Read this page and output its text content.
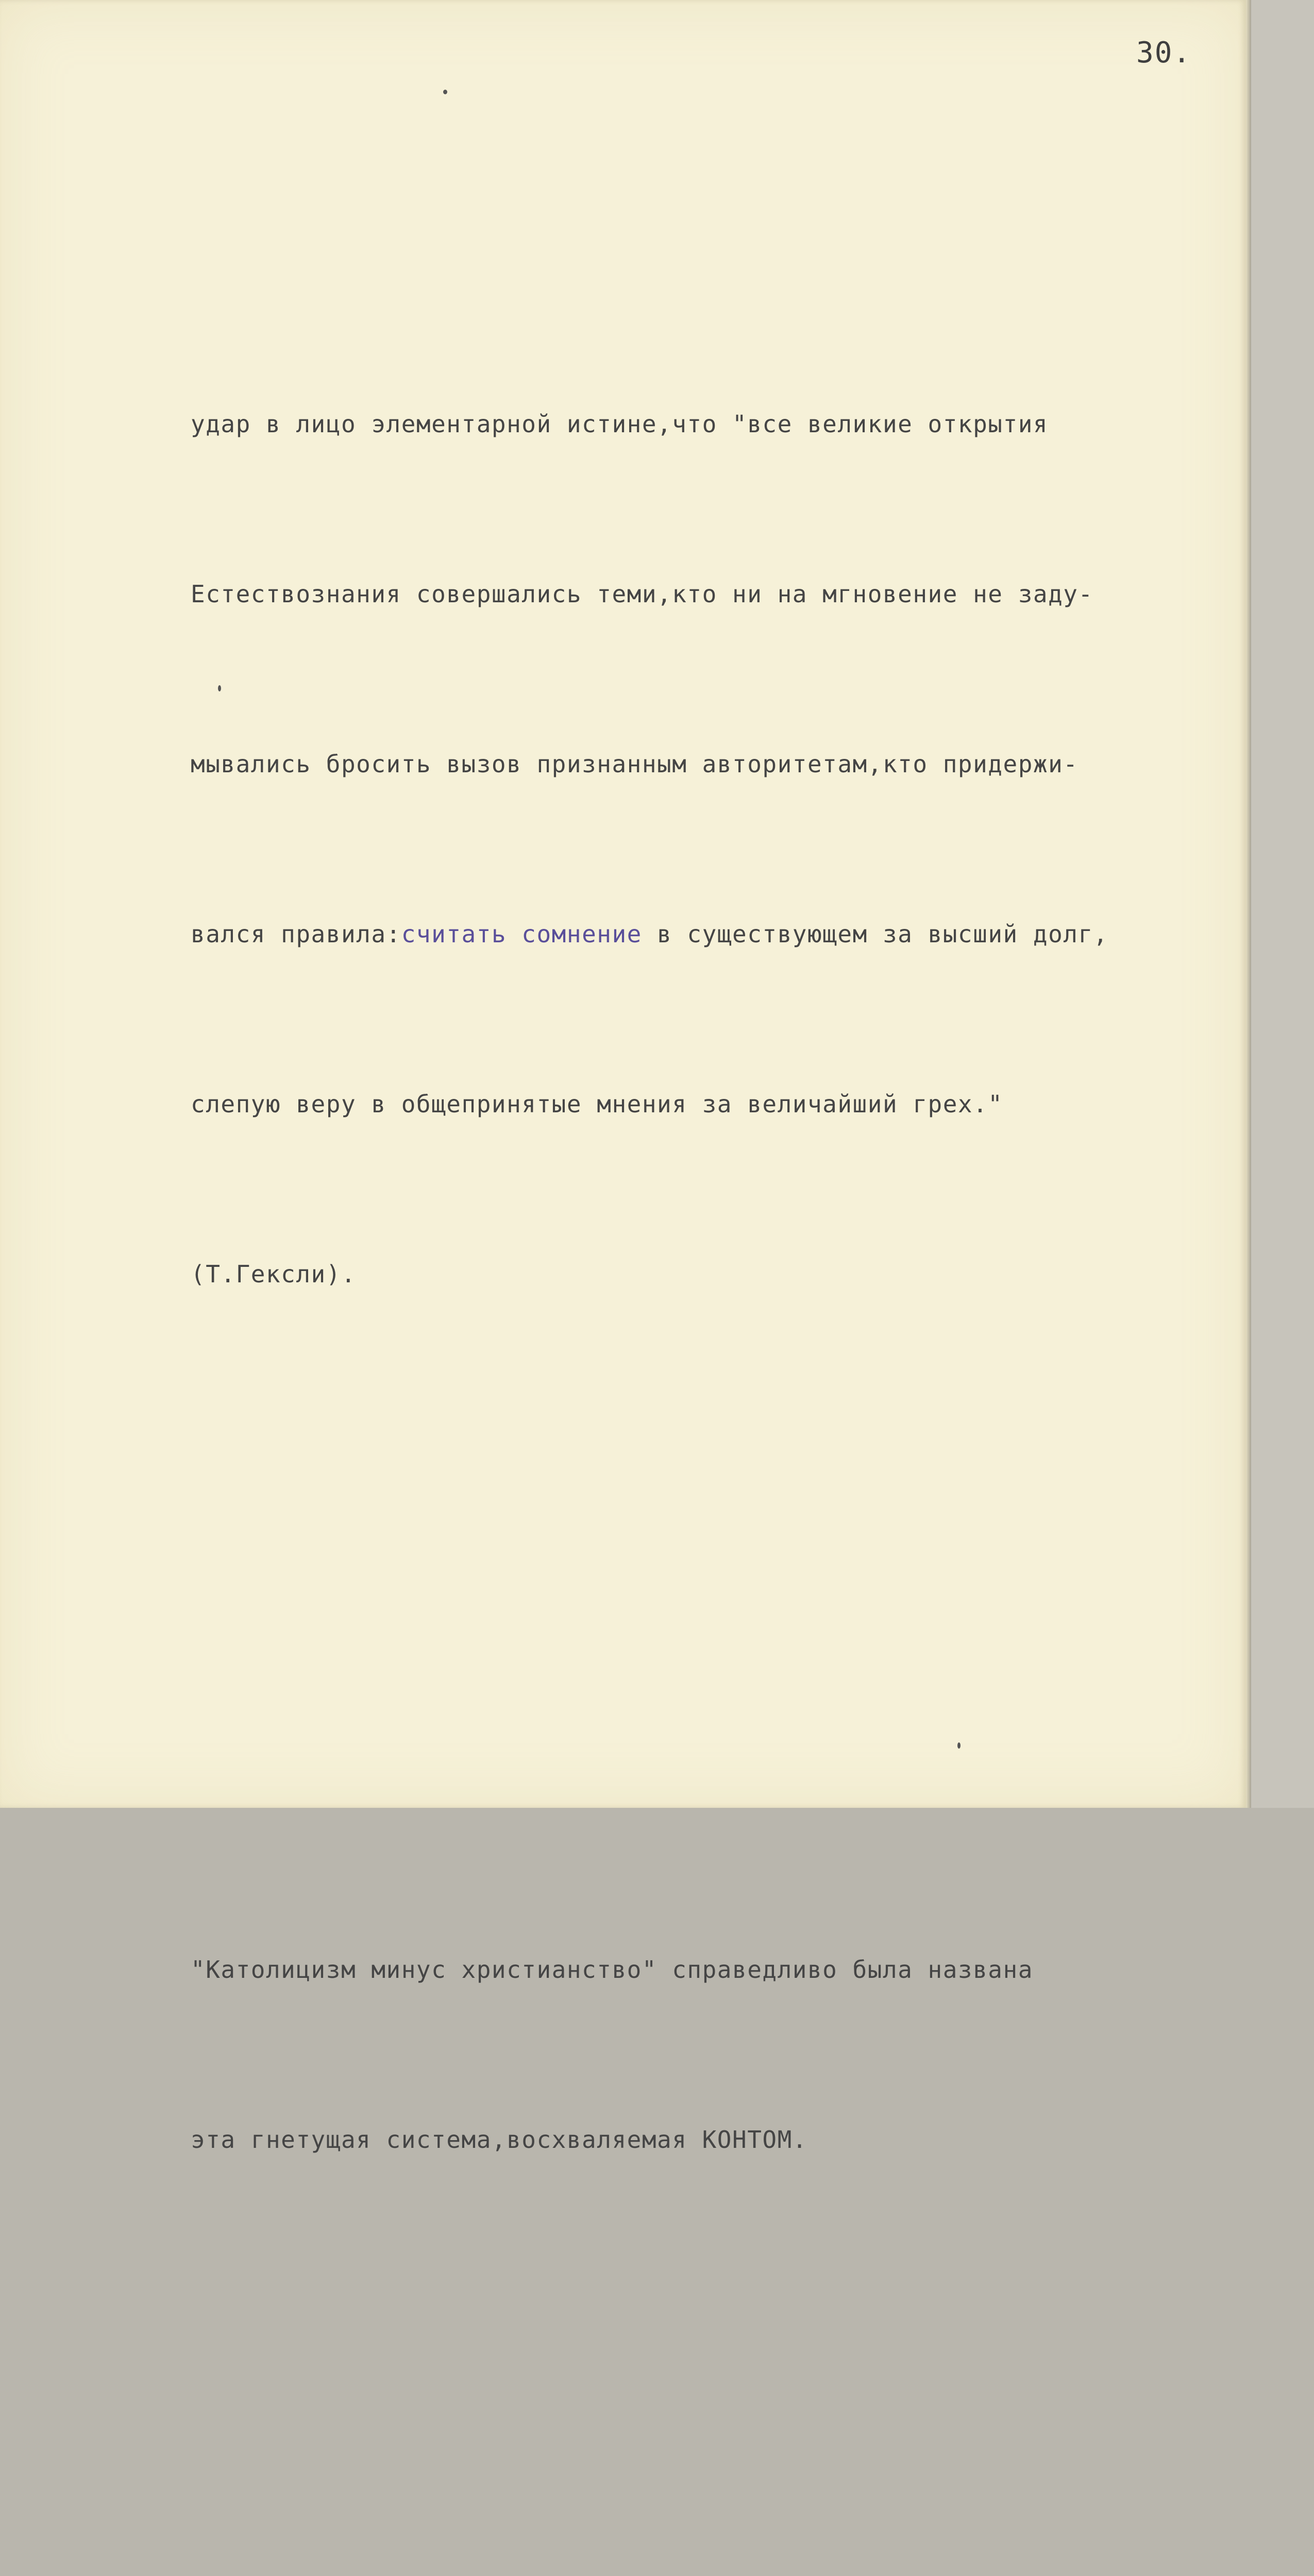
30.

удар в лицо элементарной истине,что "все великие открытия

Естествознания совершались теми,кто ни на мгновение не заду-

мывались бросить вызов признанным авторитетам,кто придержи-

вался правила:считать сомнение в существующем за высший долг,

слепую веру в общепринятые мнения за величайший грех."

(Т.Гексли).

"Католицизм минус христианство" справедливо была названа

эта гнетущая система,восхваляемая КОНТОМ.
